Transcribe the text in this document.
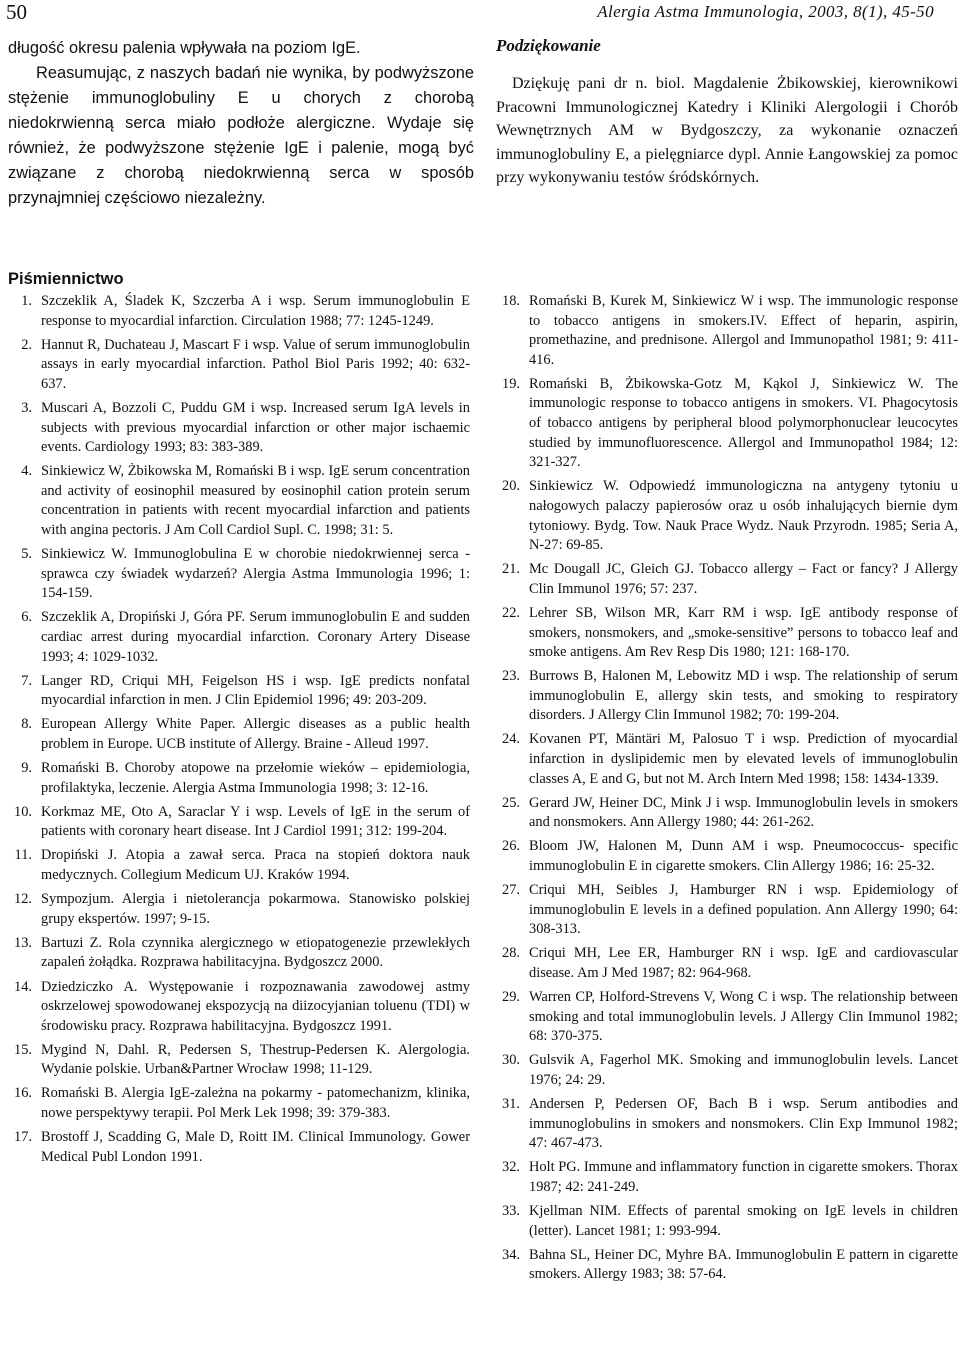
50	Alergia Astma Immunologia, 2003, 8(1), 45-50

długość okresu palenia wpływała na poziom IgE.

Reasumując, z naszych badań nie wynika, by podwyższone stężenie immunoglobuliny E u chorych z chorobą niedokrwienną serca miało podłoże alergiczne. Wydaje się również, że podwyższone stężenie IgE i palenie, mogą być związane z chorobą niedokrwienną serca w sposób przynajmniej częściowo niezależny.

Podziękowanie

Dziękuję pani dr n. biol. Magdalenie Żbikowskiej, kierownikowi Pracowni Immunologicznej Katedry i Kliniki Alergologii i Chorób Wewnętrznych AM w Bydgoszczy, za wykonanie oznaczeń immunoglobuliny E, a pielęgniarce dypl. Annie Łangowskiej za pomoc przy wykonywaniu testów śródskórnych.

Piśmiennictwo
1. Szczeklik A, Śladek K, Szczerba A i wsp. Serum immunoglobulin E response to myocardial infarction. Circulation 1988; 77: 1245-1249.
2. Hannut R, Duchateau J, Mascart F i wsp. Value of serum immunoglobulin assays in early myocardial infarction. Pathol Biol Paris 1992; 40: 632-637.
3. Muscari A, Bozzoli C, Puddu GM i wsp. Increased serum IgA levels in subjects with previous myocardial infarction or other major ischaemic events. Cardiology 1993; 83: 383-389.
4. Sinkiewicz W, Żbikowska M, Romański B i wsp. IgE serum concentration and activity of eosinophil measured by eosinophil cation protein serum concentration in patients with recent myocardial infarction and patients with angina pectoris. J Am Coll Cardiol Supl. C. 1998; 31: 5.
5. Sinkiewicz W. Immunoglobulina E w chorobie niedokrwiennej serca - sprawca czy świadek wydarzeń? Alergia Astma Immunologia 1996; 1: 154-159.
6. Szczeklik A, Dropiński J, Góra PF. Serum immunoglobulin E and sudden cardiac arrest during myocardial infarction. Coronary Artery Disease 1993; 4: 1029-1032.
7. Langer RD, Criqui MH, Feigelson HS i wsp. IgE predicts nonfatal myocardial infarction in men. J Clin Epidemiol 1996; 49: 203-209.
8. European Allergy White Paper. Allergic diseases as a public health problem in Europe. UCB institute of Allergy. Braine - Alleud 1997.
9. Romański B. Choroby atopowe na przełomie wieków – epidemiologia, profilaktyka, leczenie. Alergia Astma Immunologia 1998; 3: 12-16.
10. Korkmaz ME, Oto A, Saraclar Y i wsp. Levels of IgE in the serum of patients with coronary heart disease. Int J Cardiol 1991; 312: 199-204.
11. Dropiński J. Atopia a zawał serca. Praca na stopień doktora nauk medycznych. Collegium Medicum UJ. Kraków 1994.
12. Sympozjum. Alergia i nietolerancja pokarmowa. Stanowisko polskiej grupy ekspertów. 1997; 9-15.
13. Bartuzi Z. Rola czynnika alergicznego w etiopatogenezie przewlekłych zapaleń żołądka. Rozprawa habilitacyjna. Bydgoszcz 2000.
14. Dziedziczko A. Występowanie i rozpoznawania zawodowej astmy oskrzelowej spowodowanej ekspozycją na diizocyjanian toluenu (TDI) w środowisku pracy. Rozprawa habilitacyjna. Bydgoszcz 1991.
15. Mygind N, Dahl. R, Pedersen S, Thestrup-Pedersen K. Alergologia. Wydanie polskie. Urban&Partner Wrocław 1998; 11-129.
16. Romański B. Alergia IgE-zależna na pokarmy - patomechanizm, klinika, nowe perspektywy terapii. Pol Merk Lek 1998; 39: 379-383.
17. Brostoff J, Scadding G, Male D, Roitt IM. Clinical Immunology. Gower Medical Publ London 1991.
18. Romański B, Kurek M, Sinkiewicz W i wsp. The immunologic response to tobacco antigens in smokers.IV. Effect of heparin, aspirin, promethazine, and prednisone. Allergol and Immunopathol 1981; 9: 411-416.
19. Romański B, Żbikowska-Gotz M, Kąkol J, Sinkiewicz W. The immunologic response to tobacco antigens in smokers. VI. Phagocytosis of tobacco antigens by peripheral blood polymorphonuclear leucocytes studied by immunofluorescence. Allergol and Immunopathol 1984; 12: 321-327.
20. Sinkiewicz W. Odpowiedź immunologiczna na antygeny tytoniu u nałogowych palaczy papierosów oraz u osób inhalujących biernie dym tytoniowy. Bydg. Tow. Nauk Prace Wydz. Nauk Przyrodn. 1985; Seria A, N-27: 69-85.
21. Mc Dougall JC, Gleich GJ. Tobacco allergy – Fact or fancy? J Allergy Clin Immunol 1976; 57: 237.
22. Lehrer SB, Wilson MR, Karr RM i wsp. IgE antibody response of smokers, nonsmokers, and „smoke-sensitive” persons to tobacco leaf and smoke antigens. Am Rev Resp Dis 1980; 121: 168-170.
23. Burrows B, Halonen M, Lebowitz MD i wsp. The relationship of serum immunoglobulin E, allergy skin tests, and smoking to respiratory disorders. J Allergy Clin Immunol 1982; 70: 199-204.
24. Kovanen PT, Mäntäri M, Palosuo T i wsp. Prediction of myocardial infarction in dyslipidemic men by elevated levels of immunoglobulin classes A, E and G, but not M. Arch Intern Med 1998; 158: 1434-1339.
25. Gerard JW, Heiner DC, Mink J i wsp. Immunoglobulin levels in smokers and nonsmokers. Ann Allergy 1980; 44: 261-262.
26. Bloom JW, Halonen M, Dunn AM i wsp. Pneumococcus- specific immunoglobulin E in cigarette smokers. Clin Allergy 1986; 16: 25-32.
27. Criqui MH, Seibles J, Hamburger RN i wsp. Epidemiology of immunoglobulin E levels in a defined population. Ann Allergy 1990; 64: 308-313.
28. Criqui MH, Lee ER, Hamburger RN i wsp. IgE and cardiovascular disease. Am J Med 1987; 82: 964-968.
29. Warren CP, Holford-Strevens V, Wong C i wsp. The relationship between smoking and total immunoglobulin levels. J Allergy Clin Immunol 1982; 68: 370-375.
30. Gulsvik A, Fagerhol MK. Smoking and immunoglobulin levels. Lancet 1976; 24: 29.
31. Andersen P, Pedersen OF, Bach B i wsp. Serum antibodies and immunoglobulins in smokers and nonsmokers. Clin Exp Immunol 1982; 47: 467-473.
32. Holt PG. Immune and inflammatory function in cigarette smokers. Thorax 1987; 42: 241-249.
33. Kjellman NIM. Effects of parental smoking on IgE levels in children (letter). Lancet 1981; 1: 993-994.
34. Bahna SL, Heiner DC, Myhre BA. Immunoglobulin E pattern in cigarette smokers. Allergy 1983; 38: 57-64.
